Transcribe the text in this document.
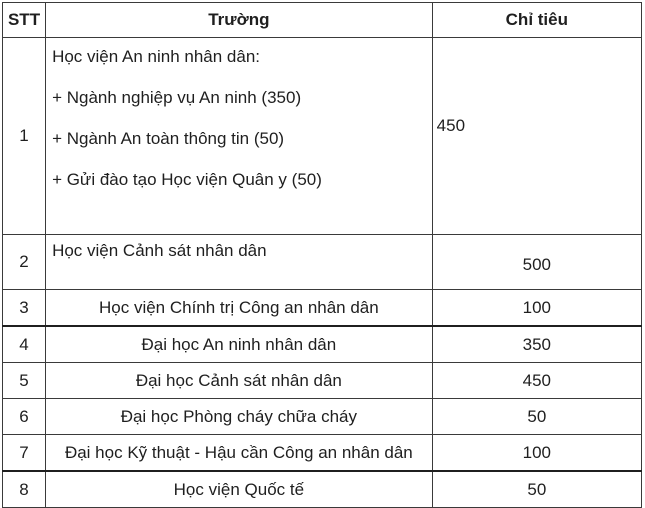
STT	Trường	Chỉ tiêu
1	Học viện An ninh nhân dân:
+ Ngành nghiệp vụ An ninh (350)
+ Ngành An toàn thông tin (50)
+ Gửi đào tạo Học viện Quân y (50)	450
2	Học viện Cảnh sát nhân dân	500
3	Học viện Chính trị Công an nhân dân	100
4	Đại học An ninh nhân dân	350
5	Đại học Cảnh sát nhân dân	450
6	Đại học Phòng cháy chữa cháy	50
7	Đại học Kỹ thuật - Hậu cần Công an nhân dân	100
8	Học viện Quốc tế	50
